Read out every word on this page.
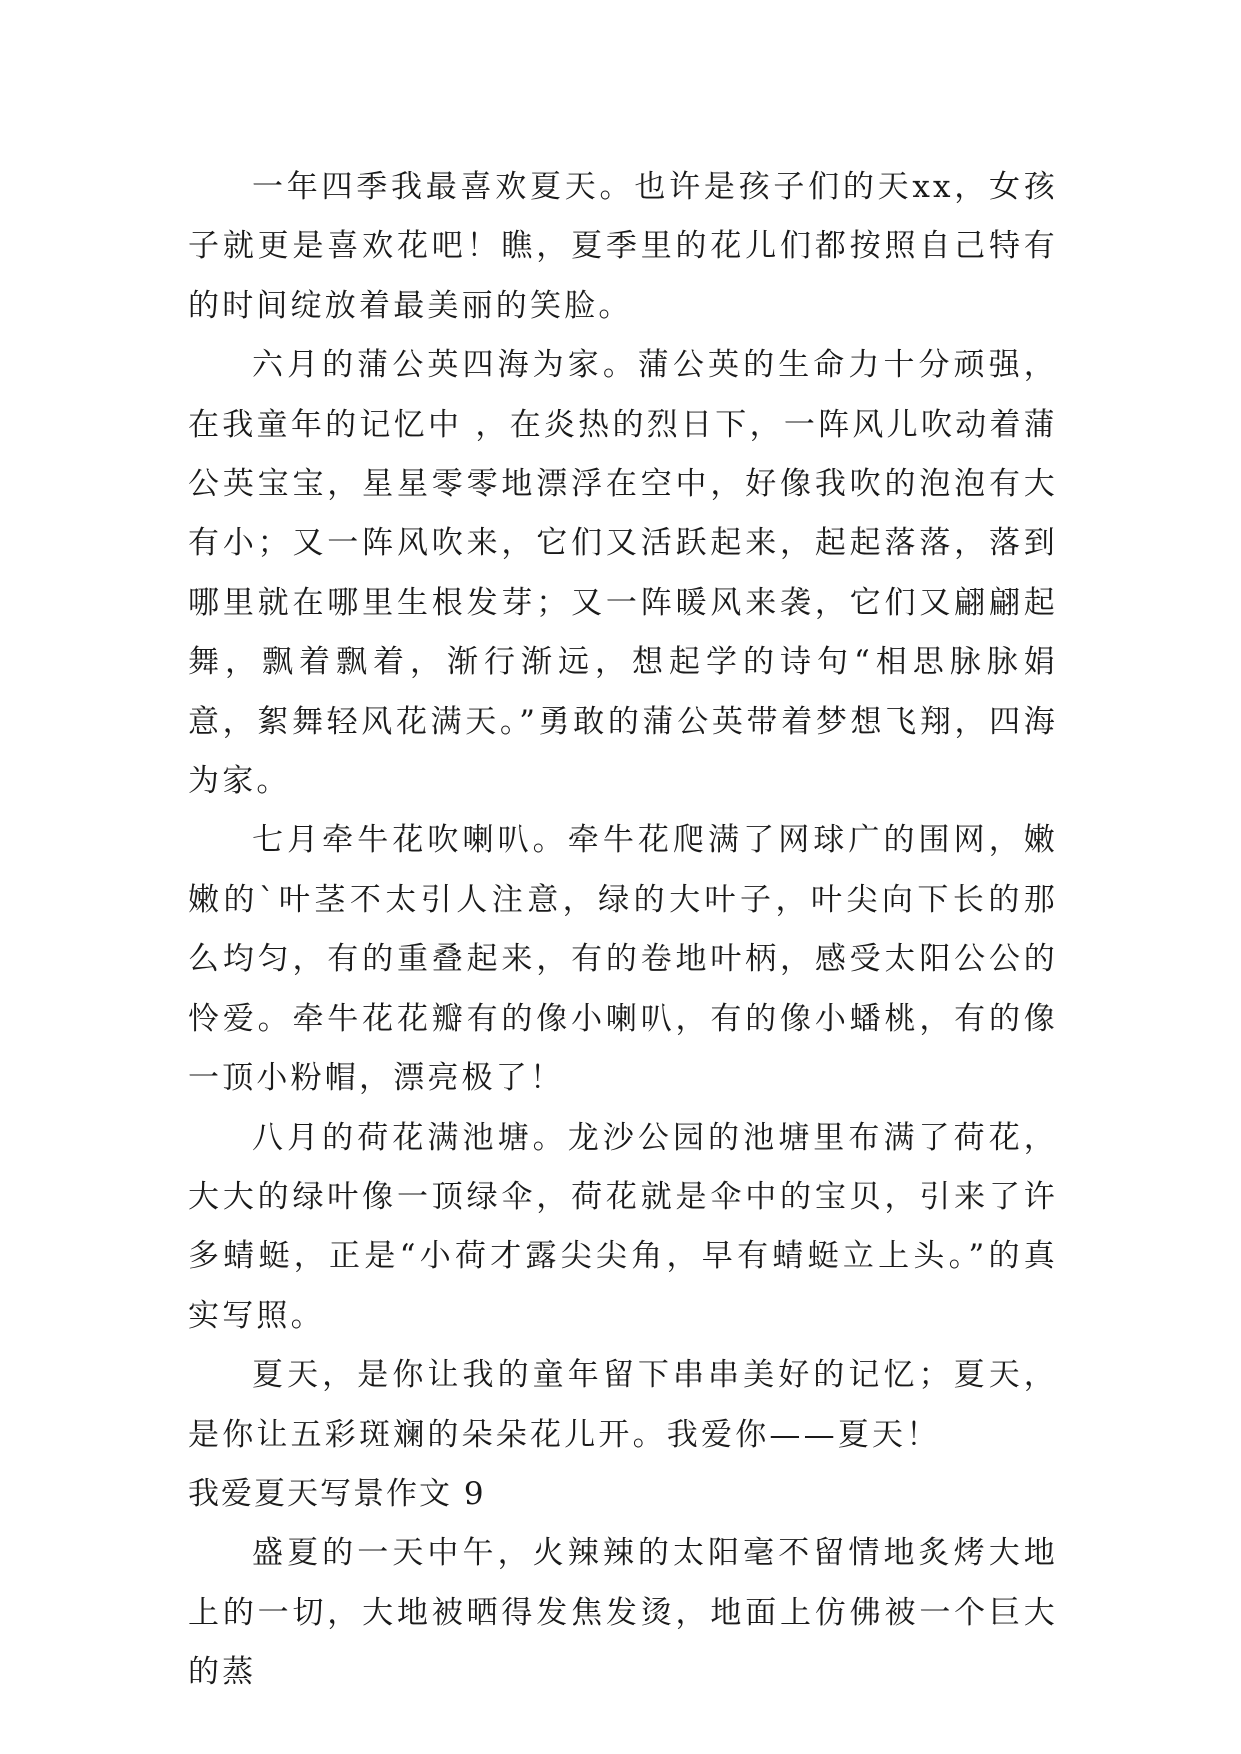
一年四季我最喜欢夏天。也许是孩子们的天xx，女孩子就更是喜欢花吧！瞧，夏季里的花儿们都按照自己特有的时间绽放着最美丽的笑脸。

六月的蒲公英四海为家。蒲公英的生命力十分顽强，在我童年的记忆中 ，在炎热的烈日下，一阵风儿吹动着蒲公英宝宝，星星零零地漂浮在空中，好像我吹的泡泡有大有小；又一阵风吹来，它们又活跃起来，起起落落，落到哪里就在哪里生根发芽；又一阵暖风来袭，它们又翩翩起舞，飘着飘着，渐行渐远，想起学的诗句“相思脉脉娟意，絮舞轻风花满天。”勇敢的蒲公英带着梦想飞翔，四海为家。

七月牵牛花吹喇叭。牵牛花爬满了网球广的围网，嫩嫩的`叶茎不太引人注意，绿的大叶子，叶尖向下长的那么均匀，有的重叠起来，有的卷地叶柄，感受太阳公公的怜爱。牵牛花花瓣有的像小喇叭，有的像小蟠桃，有的像一顶小粉帽，漂亮极了！

八月的荷花满池塘。龙沙公园的池塘里布满了荷花，大大的绿叶像一顶绿伞，荷花就是伞中的宝贝，引来了许多蜻蜓，正是“小荷才露尖尖角，早有蜻蜓立上头。”的真实写照。

夏天，是你让我的童年留下串串美好的记忆；夏天，是你让五彩斑斓的朵朵花儿开。我爱你——夏天！

我爱夏天写景作文 9

盛夏的一天中午，火辣辣的太阳毫不留情地炙烤大地上的一切，大地被晒得发焦发烫，地面上仿佛被一个巨大的蒸
